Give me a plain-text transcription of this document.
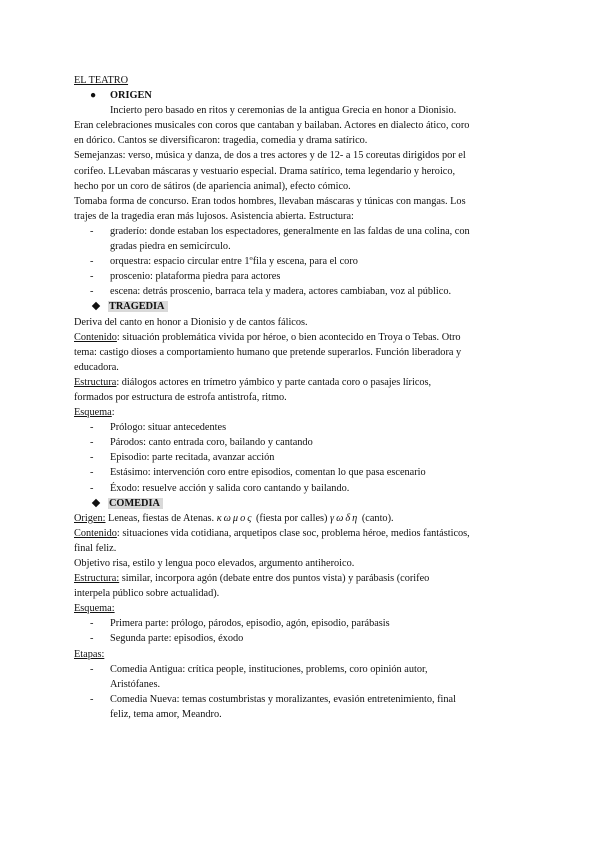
EL TEATRO
● ORIGEN
Incierto pero basado en ritos y ceremonias de la antigua Grecia en honor a Dionisio.
Eran celebraciones musicales con coros que cantaban y bailaban. Actores en dialecto ático, coro
en dórico. Cantos se diversificaron: tragedia, comedia y drama satírico.
Semejanzas: verso, música y danza, de dos a tres actores y de 12- a 15 coreutas dirigidos por el
corifeo. LLevaban máscaras y vestuario especial. Drama satírico, tema legendario y heroico,
hecho por un coro de sátiros (de apariencia animal), efecto cómico.
Tomaba forma de concurso. Eran todos hombres, llevaban máscaras y túnicas con mangas. Los
trajes de la tragedia eran más lujosos. Asistencia abierta. Estructura:
- graderío: donde estaban los espectadores, generalmente en las faldas de una colina, con
gradas piedra en semicírculo.
- orquestra: espacio circular entre 1ºfila y escena, para el coro
- proscenio: plataforma piedra para actores
- escena: detrás proscenio, barraca tela y madera, actores cambiaban, voz al público.
TRAGEDIA
Deriva del canto en honor a Dionisio y de cantos fálicos.
Contenido: situación problemática vivida por héroe, o bien acontecido en Troya o Tebas. Otro
tema: castigo dioses a comportamiento humano que pretende superarlos. Función liberadora y
educadora.
Estructura: diálogos actores en trímetro yámbico y parte cantada coro o pasajes líricos,
formados por estructura de estrofa antistrofa, ritmo.
Esquema:
- Prólogo: situar antecedentes
- Párodos: canto entrada coro, bailando y cantando
- Episodio: parte recitada, avanzar acción
- Estásimo: intervención coro entre episodios, comentan lo que pasa escenario
- Éxodo: resuelve acción y salida coro cantando y bailando.
COMEDIA
Origen: Leneas, fiestas de Atenas. κωμος (fiesta por calles) γωδη (canto).
Contenido: situaciones vida cotidiana, arquetipos clase soc, problema héroe, medios fantásticos,
final feliz.
Objetivo risa, estilo y lengua poco elevados, argumento antiheroico.
Estructura: similar, incorpora agón (debate entre dos puntos vista) y parábasis (corifeo
interpela público sobre actualidad).
Esquema:
- Primera parte: prólogo, párodos, episodio, agón, episodio, parábasis
- Segunda parte: episodios, éxodo
Etapas:
- Comedia Antigua: crítica people, instituciones, problems, coro opinión autor,
Aristófanes.
- Comedia Nueva: temas costumbristas y moralizantes, evasión entretenimiento, final
feliz, tema amor, Meandro.
